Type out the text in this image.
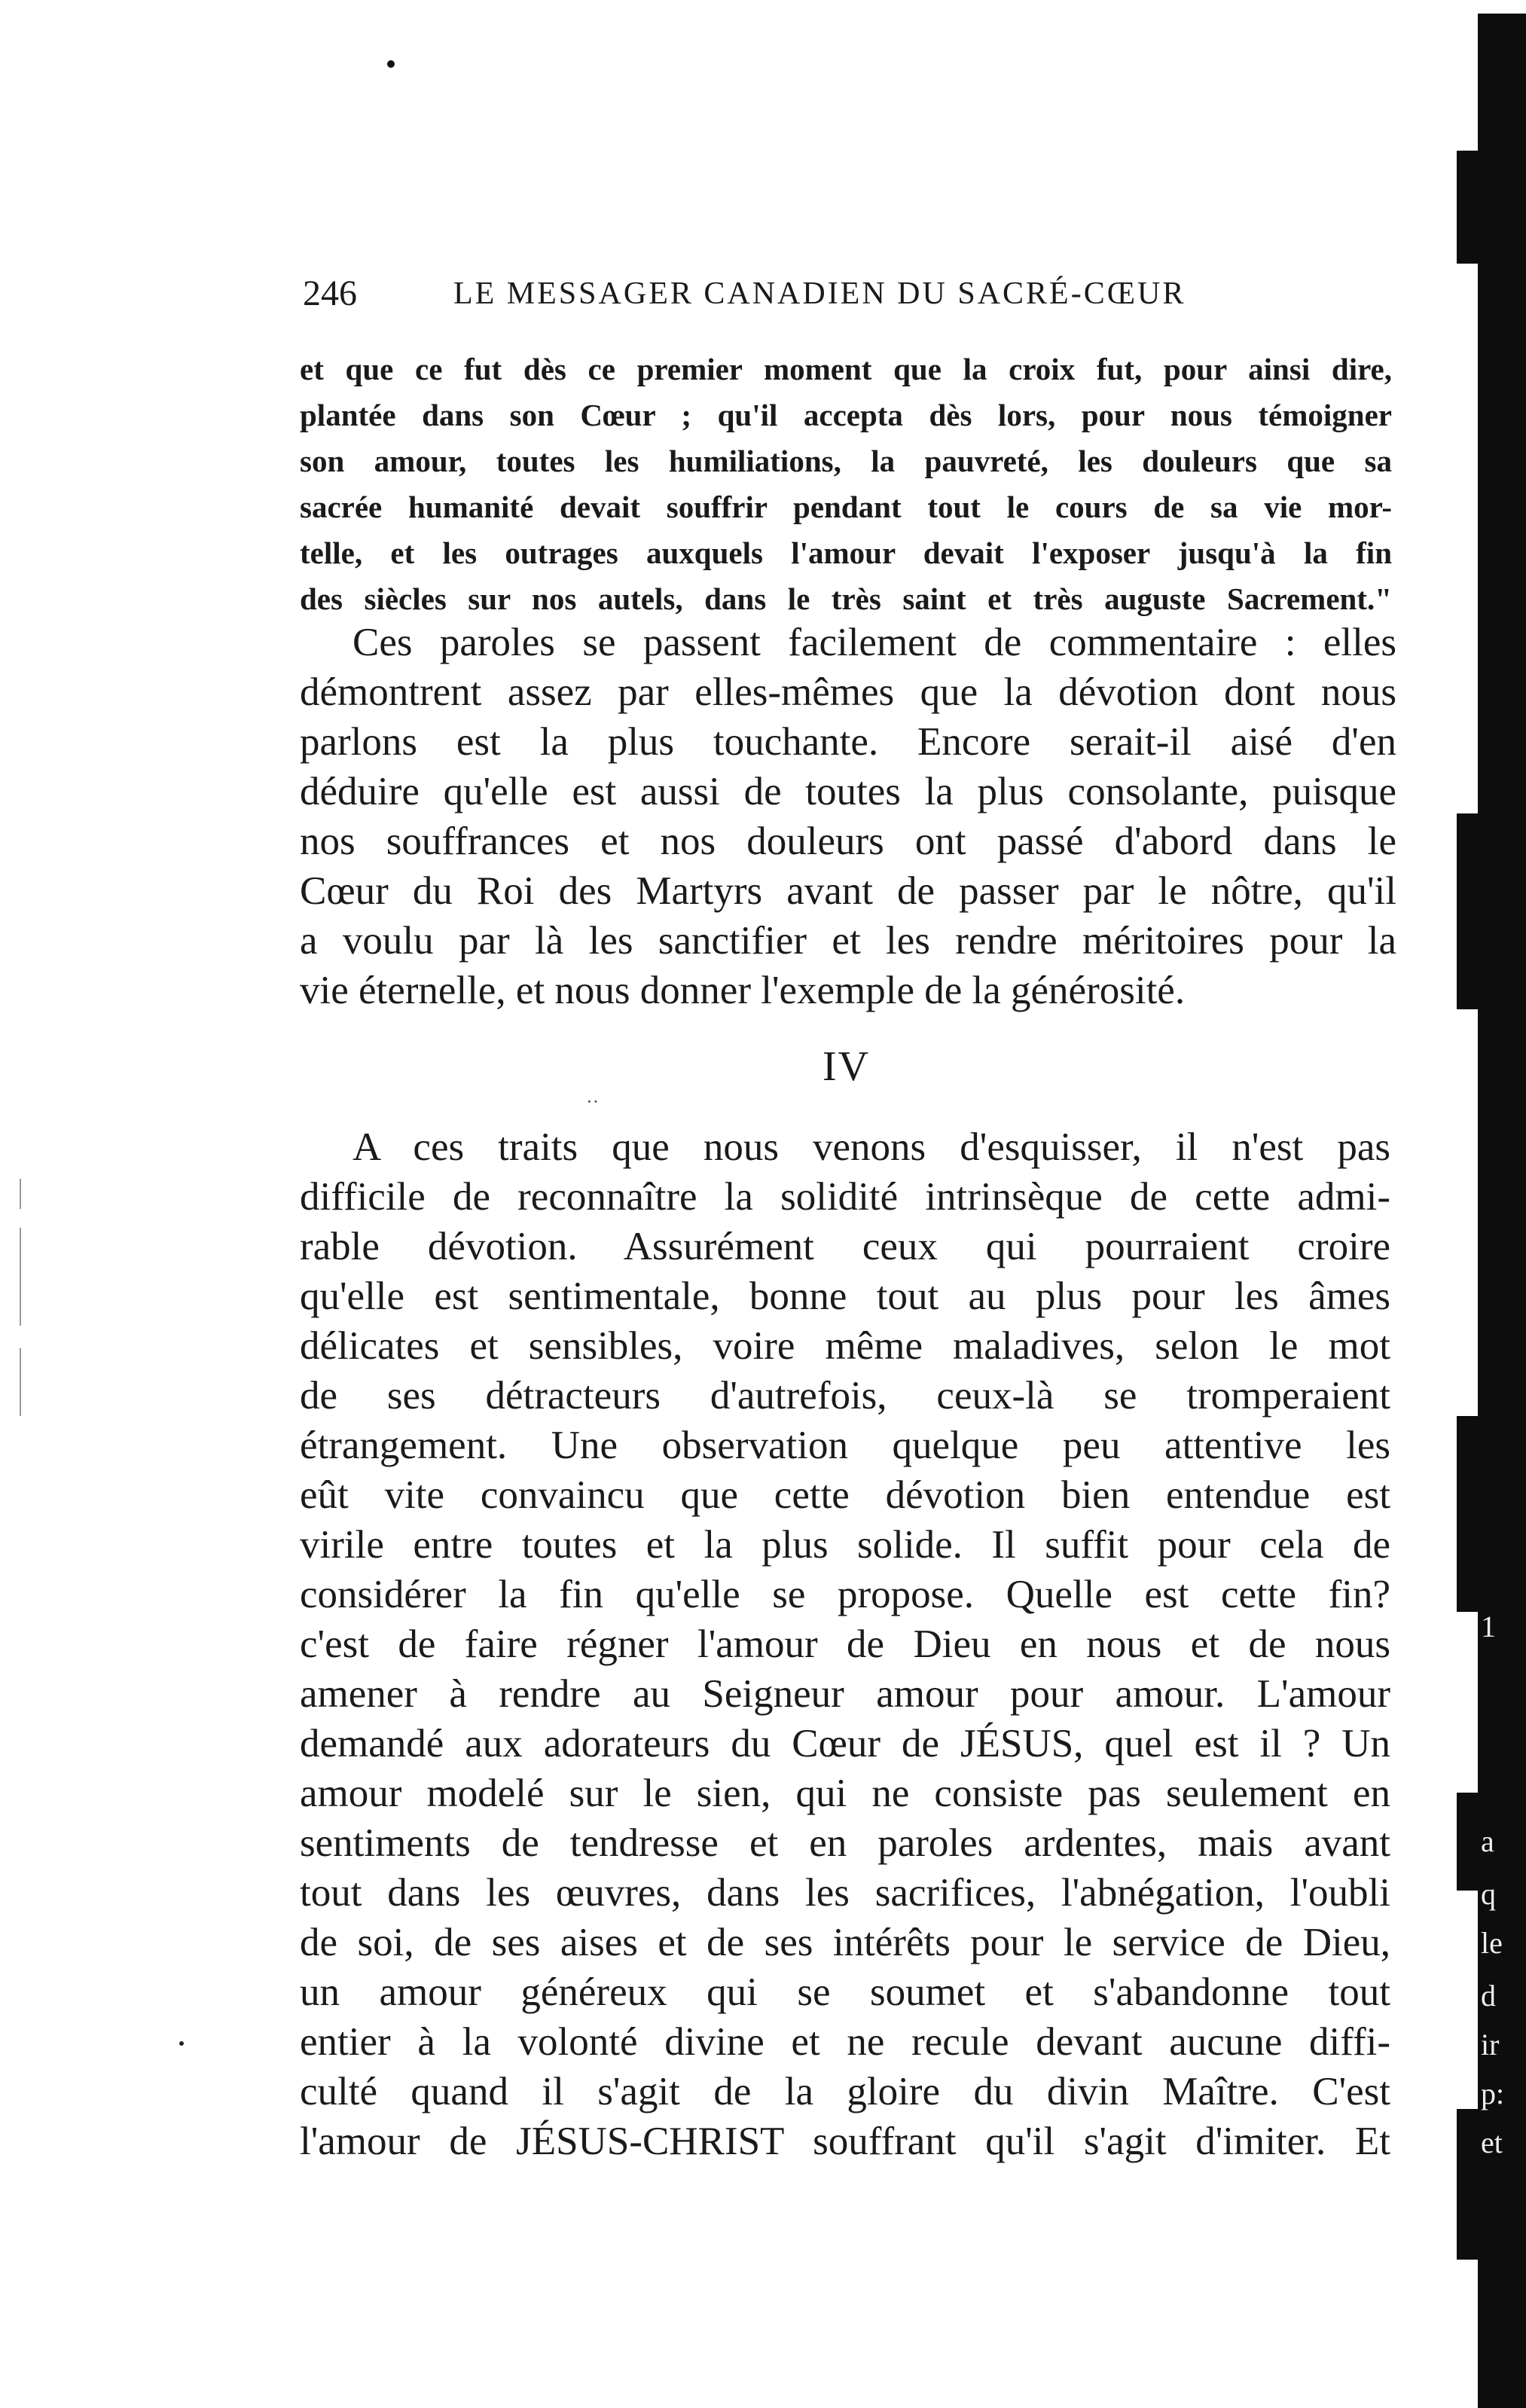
246	LE MESSAGER CANADIEN DU SACRÉ-CŒUR
et que ce fut dès ce premier moment que la croix fut, pour ainsi dire,
plantée dans son Cœur ; qu'il accepta dès lors, pour nous témoigner
son amour, toutes les humiliations, la pauvreté, les douleurs que sa
sacrée humanité devait souffrir pendant tout le cours de sa vie mor-
telle, et les outrages auxquels l'amour devait l'exposer jusqu'à la fin
des siècles sur nos autels, dans le très saint et très auguste Sacrement."
Ces paroles se passent facilement de commentaire : elles
démontrent assez par elles-mêmes que la dévotion dont nous
parlons est la plus touchante. Encore serait-il aisé d'en
déduire qu'elle est aussi de toutes la plus consolante, puisque
nos souffrances et nos douleurs ont passé d'abord dans le
Cœur du Roi des Martyrs avant de passer par le nôtre, qu'il
a voulu par là les sanctifier et les rendre méritoires pour la
vie éternelle, et nous donner l'exemple de la générosité.
IV
··
A ces traits que nous venons d'esquisser, il n'est pas
difficile de reconnaître la solidité intrinsèque de cette admi-
rable dévotion. Assurément ceux qui pourraient croire
qu'elle est sentimentale, bonne tout au plus pour les âmes
délicates et sensibles, voire même maladives, selon le mot
de ses détracteurs d'autrefois, ceux-là se tromperaient
étrangement. Une observation quelque peu attentive les
eût vite convaincu que cette dévotion bien entendue est
virile entre toutes et la plus solide. Il suffit pour cela de
considérer la fin qu'elle se propose. Quelle est cette fin?
c'est de faire régner l'amour de Dieu en nous et de nous
amener à rendre au Seigneur amour pour amour. L'amour
demandé aux adorateurs du Cœur de JÉSUS, quel est il ? Un
amour modelé sur le sien, qui ne consiste pas seulement en
sentiments de tendresse et en paroles ardentes, mais avant
tout dans les œuvres, dans les sacrifices, l'abnégation, l'oubli
de soi, de ses aises et de ses intérêts pour le service de Dieu,
un amour généreux qui se soumet et s'abandonne tout
entier à la volonté divine et ne recule devant aucune diffi-
culté quand il s'agit de la gloire du divin Maître. C'est
l'amour de JÉSUS-CHRIST souffrant qu'il s'agit d'imiter. Et
1
a
q
le
d
ir
p:
et
